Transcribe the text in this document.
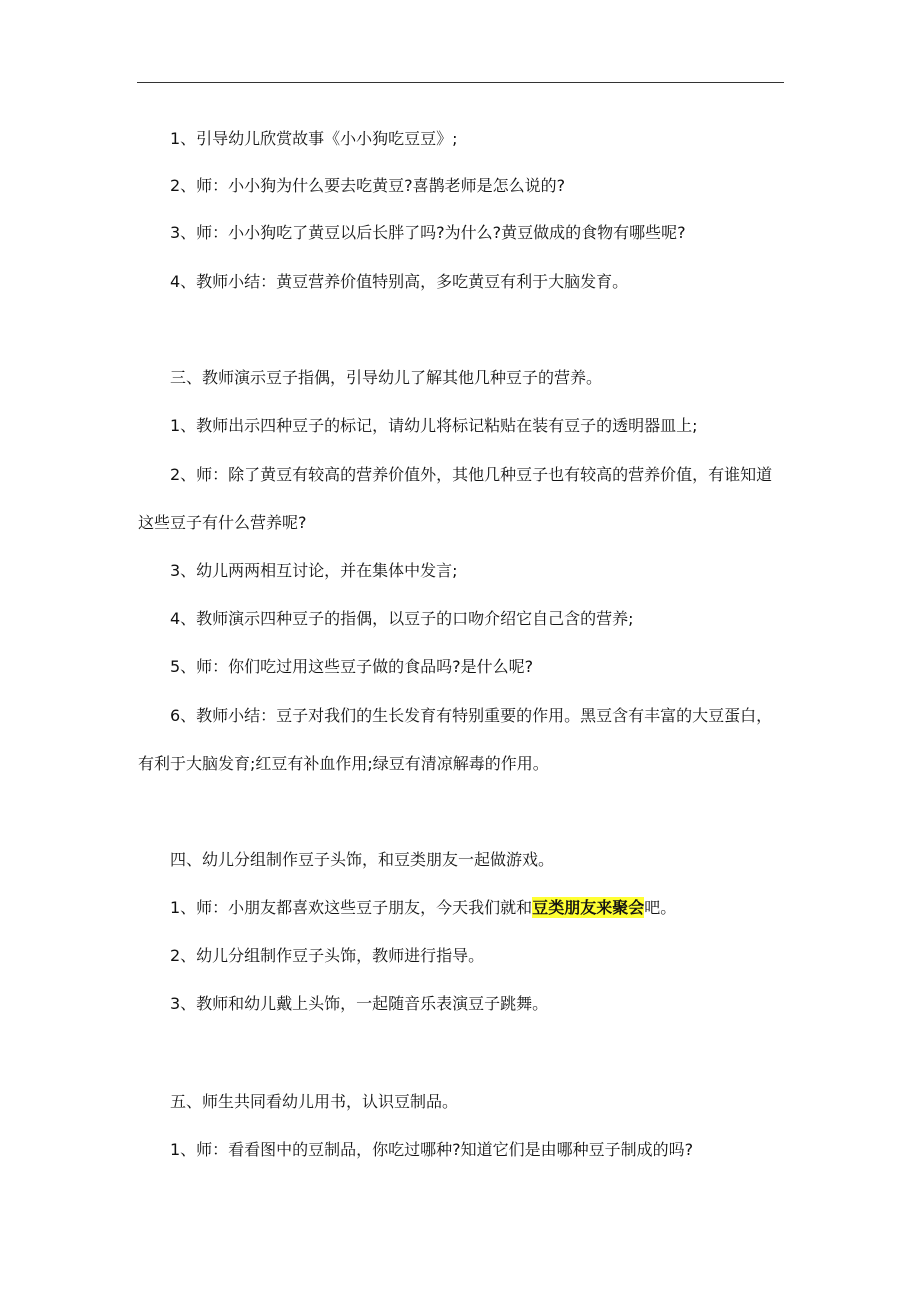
1、引导幼儿欣赏故事《小小狗吃豆豆》;
2、师：小小狗为什么要去吃黄豆?喜鹊老师是怎么说的?
3、师：小小狗吃了黄豆以后长胖了吗?为什么?黄豆做成的食物有哪些呢?
4、教师小结：黄豆营养价值特别高，多吃黄豆有利于大脑发育。
三、教师演示豆子指偶，引导幼儿了解其他几种豆子的营养。
1、教师出示四种豆子的标记，请幼儿将标记粘贴在装有豆子的透明器皿上;
2、师：除了黄豆有较高的营养价值外，其他几种豆子也有较高的营养价值，有谁知道
这些豆子有什么营养呢?
3、幼儿两两相互讨论，并在集体中发言;
4、教师演示四种豆子的指偶，以豆子的口吻介绍它自己含的营养;
5、师：你们吃过用这些豆子做的食品吗?是什么呢?
6、教师小结：豆子对我们的生长发育有特别重要的作用。黑豆含有丰富的大豆蛋白，
有利于大脑发育;红豆有补血作用;绿豆有清凉解毒的作用。
四、幼儿分组制作豆子头饰，和豆类朋友一起做游戏。
1、师：小朋友都喜欢这些豆子朋友，今天我们就和豆类朋友来聚会吧。
2、幼儿分组制作豆子头饰，教师进行指导。
3、教师和幼儿戴上头饰，一起随音乐表演豆子跳舞。
五、师生共同看幼儿用书，认识豆制品。
1、师：看看图中的豆制品，你吃过哪种?知道它们是由哪种豆子制成的吗?
